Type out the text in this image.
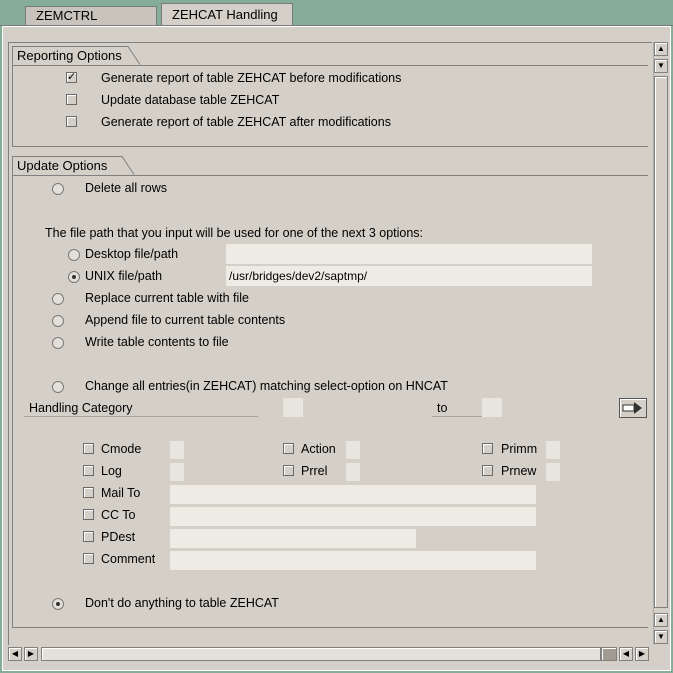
ZEMCTRL	ZEHCAT Handling
Reporting Options
✓ Generate report of table ZEHCAT before modifications
Update database table ZEHCAT
Generate report of table ZEHCAT after modifications
Update Options
Delete all rows
The file path that you input will be used for one of the next 3 options:
Desktop file/path
UNIX file/path	/usr/bridges/dev2/saptmp/
Replace current table with file
Append file to current table contents
Write table contents to file
Change all entries(in ZEHCAT) matching select-option on HNCAT
Handling Category	to
Cmode	Action	Primm
Log	Prrel	Prnew
Mail To
CC To
PDest
Comment
Don't do anything to table ZEHCAT
▲
▼
▲
▼
◀	▶	◀	▶
